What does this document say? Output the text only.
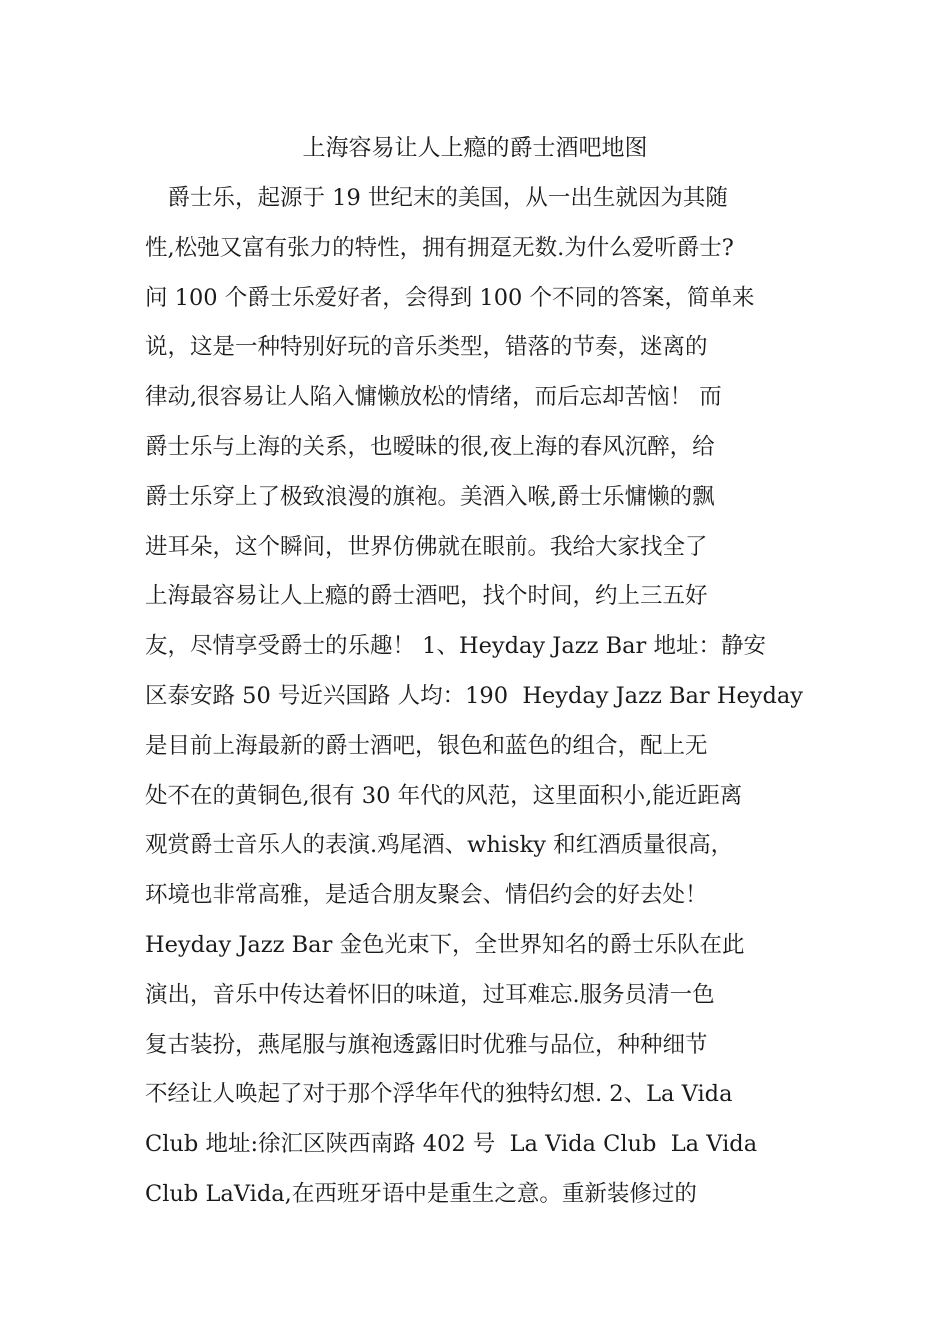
上海容易让人上瘾的爵士酒吧地图
　爵士乐，起源于 19 世纪末的美国，从一出生就因为其随
性,松弛又富有张力的特性，拥有拥趸无数.为什么爱听爵士?
问 100 个爵士乐爱好者，会得到 100 个不同的答案，简单来
说，这是一种特别好玩的音乐类型，错落的节奏，迷离的
律动,很容易让人陷入慵懒放松的情绪，而后忘却苦恼！ 而
爵士乐与上海的关系，也暧昧的很,夜上海的春风沉醉，给
爵士乐穿上了极致浪漫的旗袍。美酒入喉,爵士乐慵懒的飘
进耳朵，这个瞬间，世界仿佛就在眼前。我给大家找全了
上海最容易让人上瘾的爵士酒吧，找个时间，约上三五好
友，尽情享受爵士的乐趣！ 1、Heyday Jazz Bar 地址：静安
区泰安路 50 号近兴国路 人均：190  Heyday Jazz Bar Heyday
是目前上海最新的爵士酒吧，银色和蓝色的组合，配上无
处不在的黄铜色,很有 30 年代的风范，这里面积小,能近距离
观赏爵士音乐人的表演.鸡尾酒、whisky 和红酒质量很高，
环境也非常高雅，是适合朋友聚会、情侣约会的好去处！
Heyday Jazz Bar 金色光束下，全世界知名的爵士乐队在此
演出，音乐中传达着怀旧的味道，过耳难忘.服务员清一色
复古装扮，燕尾服与旗袍透露旧时优雅与品位，种种细节
不经让人唤起了对于那个浮华年代的独特幻想. 2、La Vida
Club 地址:徐汇区陕西南路 402 号  La Vida Club  La Vida
Club LaVida,在西班牙语中是重生之意。重新装修过的
